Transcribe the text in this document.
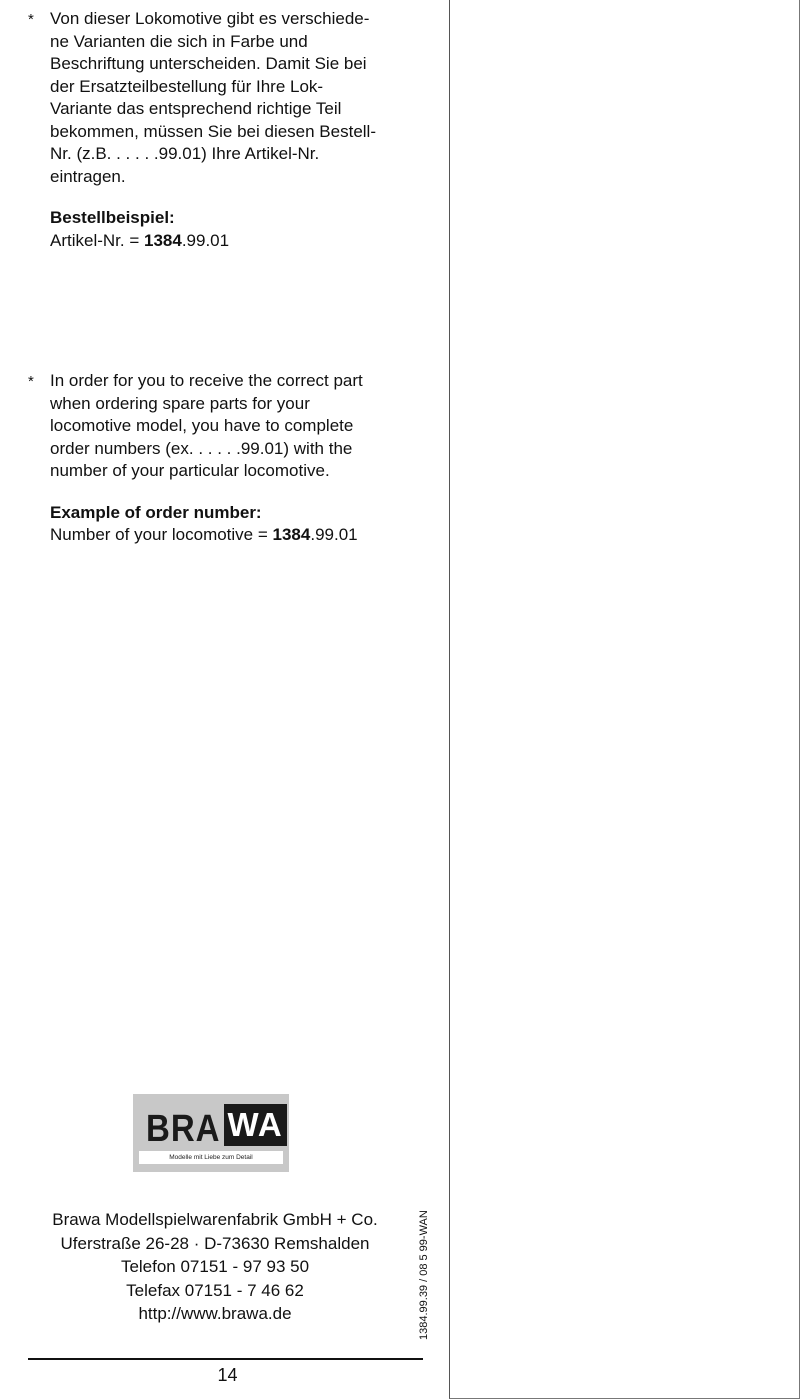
* Von dieser Lokomotive gibt es verschiede-
ne Varianten die sich in Farbe und
Beschriftung unterscheiden. Damit Sie bei
der Ersatzteilbestellung für Ihre Lok-
Variante das entsprechend richtige Teil
bekommen, müssen Sie bei diesen Bestell-
Nr. (z.B. . . . . .99.01) Ihre Artikel-Nr.
eintragen.
Bestellbeispiel:
Artikel-Nr. = 1384.99.01
* In order for you to receive the correct part
when ordering spare parts for your
locomotive model, you have to complete
order numbers (ex. . . . . .99.01) with the
number of your particular locomotive.
Example of order number:
Number of your locomotive = 1384.99.01
BRA WA
Modelle mit Liebe zum Detail
Brawa Modellspielwarenfabrik GmbH + Co.
Uferstraße 26-28 · D-73630 Remshalden
Telefon 07151 - 97 93 50
Telefax 07151 - 7 46 62
http://www.brawa.de	1384.99.39 / 08 5 99-WAN
14
